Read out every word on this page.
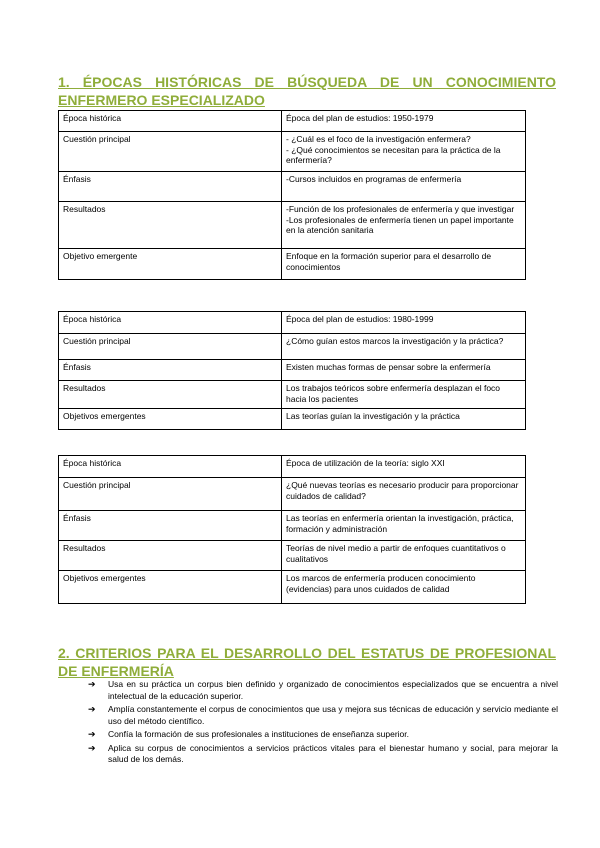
1. ÉPOCAS HISTÓRICAS DE BÚSQUEDA DE UN CONOCIMIENTO ENFERMERO ESPECIALIZADO
Época histórica	Época del plan de estudios: 1950-1979

Cuestión principal	- ¿Cuál es el foco de la investigación enfermera?
- ¿Qué conocimientos se necesitan para la práctica de la enfermería?

Énfasis	-Cursos incluidos en programas de enfermería

Resultados	-Función de los profesionales de enfermería y que investigar
-Los profesionales de enfermería tienen un papel importante en la atención sanitaria

Objetivo emergente	Enfoque en la formación superior para el desarrollo de conocimientos
Época histórica	Época del plan de estudios: 1980-1999

Cuestión principal	¿Cómo guían estos marcos la investigación y la práctica?

Énfasis	Existen muchas formas de pensar sobre la enfermería

Resultados	Los trabajos teóricos sobre enfermería desplazan el foco hacia los pacientes

Objetivos emergentes	Las teorías guían la investigación y la práctica
Época histórica	Época de utilización de la teoría: siglo XXI

Cuestión principal	¿Qué nuevas teorías es necesario producir para proporcionar cuidados de calidad?

Énfasis	Las teorías en enfermería orientan la investigación, práctica, formación y administración

Resultados	Teorías de nivel medio a partir de enfoques cuantitativos o cualitativos

Objetivos emergentes	Los marcos de enfermería producen conocimiento (evidencias) para unos cuidados de calidad
2. CRITERIOS PARA EL DESARROLLO DEL ESTATUS DE PROFESIONAL DE ENFERMERÍA
➔ Usa en su práctica un corpus bien definido y organizado de conocimientos especializados que se encuentra a nivel intelectual de la educación superior.
➔ Amplía constantemente el corpus de conocimientos que usa y mejora sus técnicas de educación y servicio mediante el uso del método científico.
➔ Confía la formación de sus profesionales a instituciones de enseñanza superior.
➔ Aplica su corpus de conocimientos a servicios prácticos vitales para el bienestar humano y social, para mejorar la salud de los demás.
